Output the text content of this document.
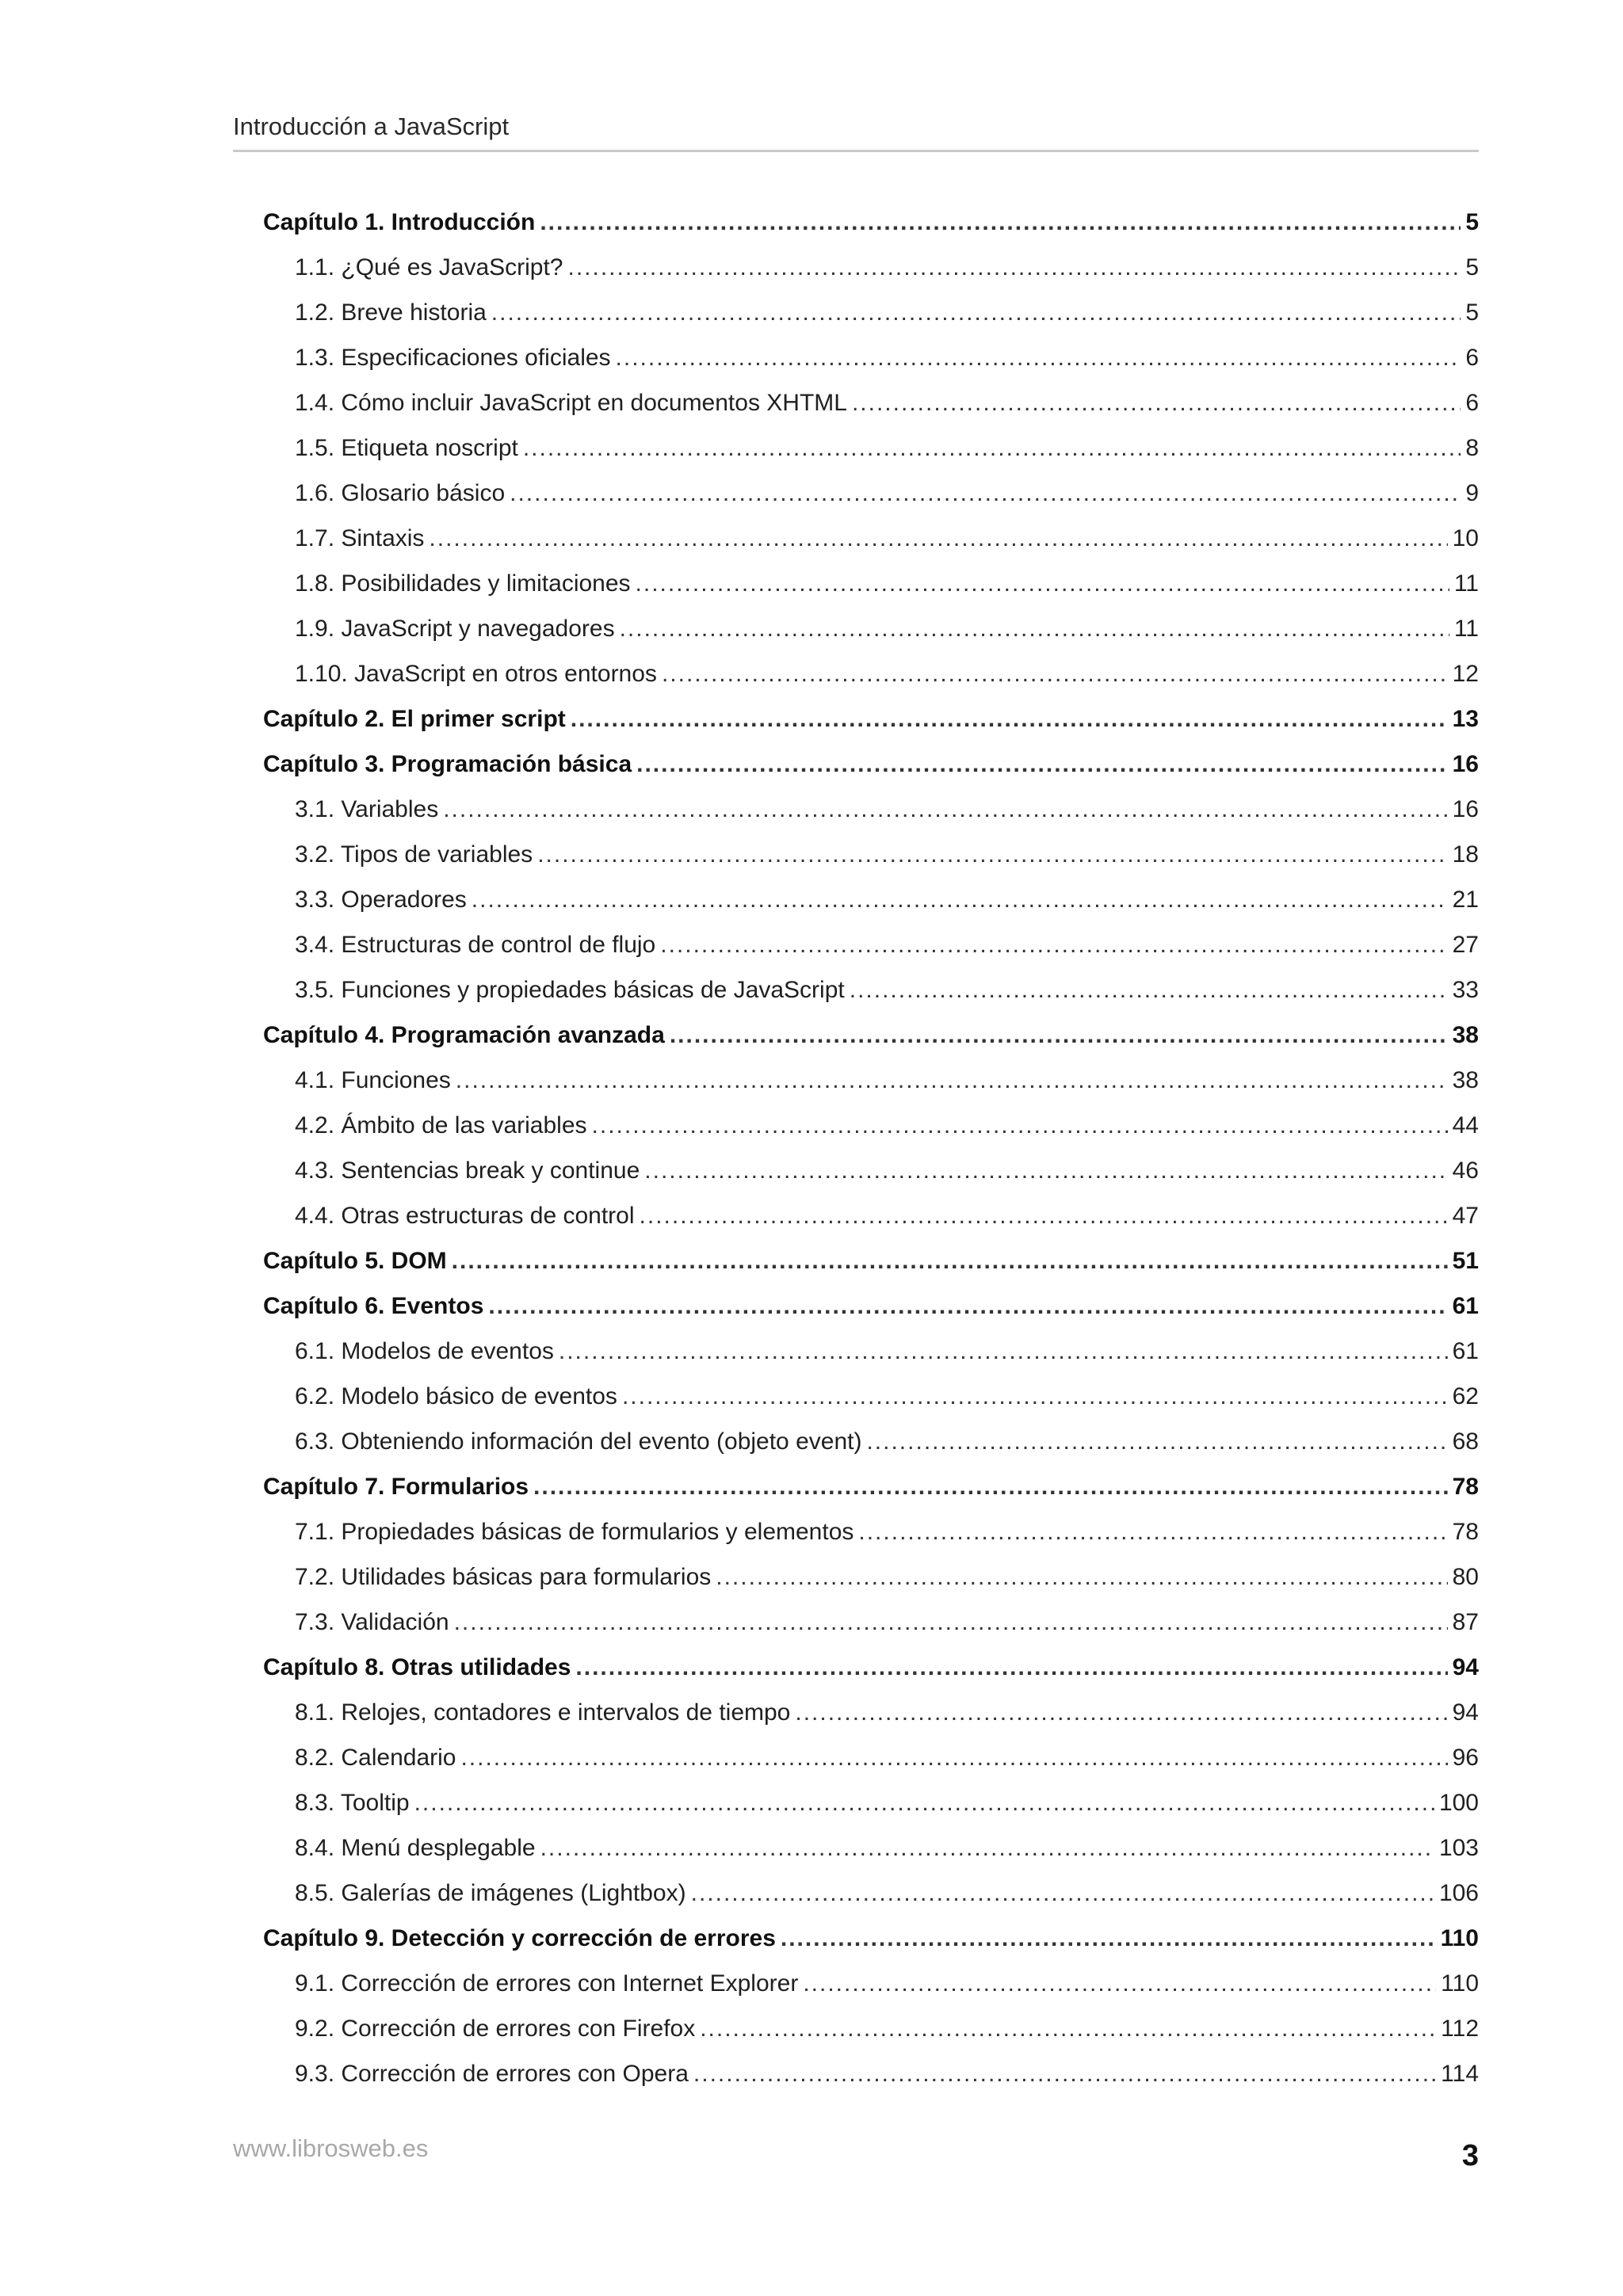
Introducción a JavaScript
Capítulo 1. Introducción .....	5
1.1. ¿Qué es JavaScript? .....	5
1.2. Breve historia .....	5
1.3. Especificaciones oficiales .....	6
1.4. Cómo incluir JavaScript en documentos XHTML .....	6
1.5. Etiqueta noscript .....	8
1.6. Glosario básico .....	9
1.7. Sintaxis .....	10
1.8. Posibilidades y limitaciones .....	11
1.9. JavaScript y navegadores .....	11
1.10. JavaScript en otros entornos .....	12
Capítulo 2. El primer script .....	13
Capítulo 3. Programación básica .....	16
3.1. Variables .....	16
3.2. Tipos de variables .....	18
3.3. Operadores .....	21
3.4. Estructuras de control de flujo .....	27
3.5. Funciones y propiedades básicas de JavaScript .....	33
Capítulo 4. Programación avanzada .....	38
4.1. Funciones .....	38
4.2. Ámbito de las variables .....	44
4.3. Sentencias break y continue .....	46
4.4. Otras estructuras de control .....	47
Capítulo 5. DOM .....	51
Capítulo 6. Eventos .....	61
6.1. Modelos de eventos .....	61
6.2. Modelo básico de eventos .....	62
6.3. Obteniendo información del evento (objeto event) .....	68
Capítulo 7. Formularios .....	78
7.1. Propiedades básicas de formularios y elementos .....	78
7.2. Utilidades básicas para formularios .....	80
7.3. Validación .....	87
Capítulo 8. Otras utilidades .....	94
8.1. Relojes, contadores e intervalos de tiempo .....	94
8.2. Calendario .....	96
8.3. Tooltip .....	100
8.4. Menú desplegable .....	103
8.5. Galerías de imágenes (Lightbox) .....	106
Capítulo 9. Detección y corrección de errores .....	110
9.1. Corrección de errores con Internet Explorer .....	110
9.2. Corrección de errores con Firefox .....	112
9.3. Corrección de errores con Opera .....	114
www.librosweb.es	3
